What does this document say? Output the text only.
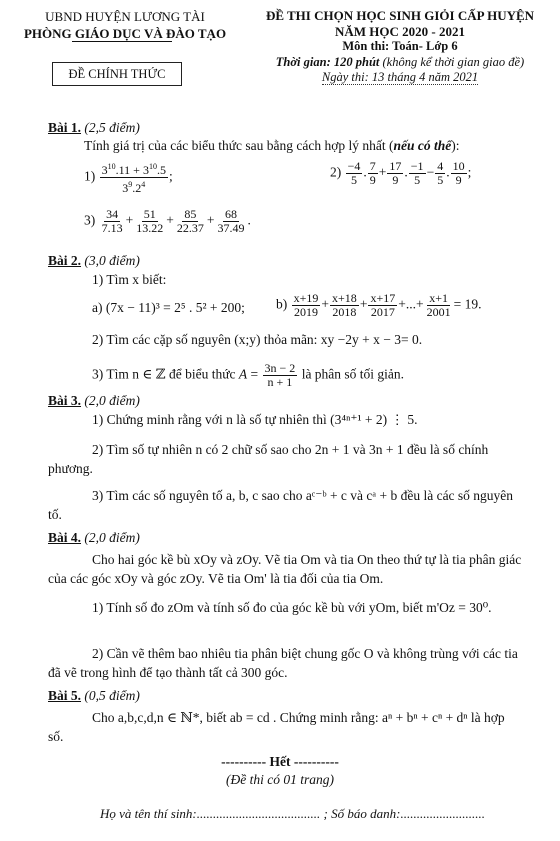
UBND HUYỆN LƯƠNG TÀI
PHÒNG GIÁO DỤC VÀ ĐÀO TẠO
ĐỀ CHÍNH THỨC
ĐỀ THI CHỌN HỌC SINH GIỎI CẤP HUYỆN
NĂM HỌC 2020 - 2021
Môn thi: Toán- Lớp 6
Thời gian: 120 phút (không kể thời gian giao đề)
Ngày thi: 13 tháng 4 năm 2021
Bài 1. (2,5 điểm)
Tính giá trị của các biểu thức sau bằng cách hợp lý nhất (nếu có thể):
$1) \frac{3^{10}.11 + 3^{10}.5}{3^9.2^4}$ ;	$2) \frac{-4}{5}$ . $\frac{7}{9} + \frac{17}{9}$ . $\frac{-1}{5} - \frac{4}{5}$ . $\frac{10}{9}$ ;
$3) \frac{34}{7.13} + \frac{51}{13.22} + \frac{85}{22.37} + \frac{68}{37.49}$ .
Bài 2. (3,0 điểm)
1) Tìm x biết:
a) (7x − 11)³ = 2⁵ . 5² + 200; $b) \frac{x+19}{2019} + \frac{x+18}{2018} + \frac{x+17}{2017}$ +...+ $\frac{x+1}{2001} = 19$.
2) Tìm các cặp số nguyên (x;y) thỏa mãn: xy −2y + x − 3= 0.
3) Tìm n ∈ ℤ để biểu thức $A = \frac{3n - 2}{n + 1}$ là phân số tối giản.
Bài 3. (2,0 điểm)
1) Chứng minh rằng với n là số tự nhiên thì (3⁴ⁿ⁺¹ + 2) ⋮ 5.
2) Tìm số tự nhiên n có 2 chữ số sao cho 2n + 1 và 3n + 1 đều là số chính phương.
3) Tìm các số nguyên tố a, b, c sao cho aᶜ⁻ᵇ + c và cᵃ + b đều là các số nguyên tố.
Bài 4. (2,0 điểm)
Cho hai góc kề bù xOy và zOy. Vẽ tia Om và tia On theo thứ tự là tia phân giác của các góc xOy và góc zOy. Vẽ tia Om' là tia đối của tia Om.
1) Tính số đo zOm và tính số đo của góc kề bù với yOm, biết m'Oz = 30⁰.
2) Cần vẽ thêm bao nhiêu tia phân biệt chung gốc O và không trùng với các tia đã vẽ trong hình để tạo thành tất cả 300 góc.
Bài 5. (0,5 điểm)
Cho a,b,c,d,n ∈ ℕ*, biết ab = cd . Chứng minh rằng: aⁿ + bⁿ + cⁿ + dⁿ là hợp số.
---------- Hết ----------
(Đề thi có 01 trang)
Họ và tên thí sinh:...................................... ; Số báo danh:..........................
